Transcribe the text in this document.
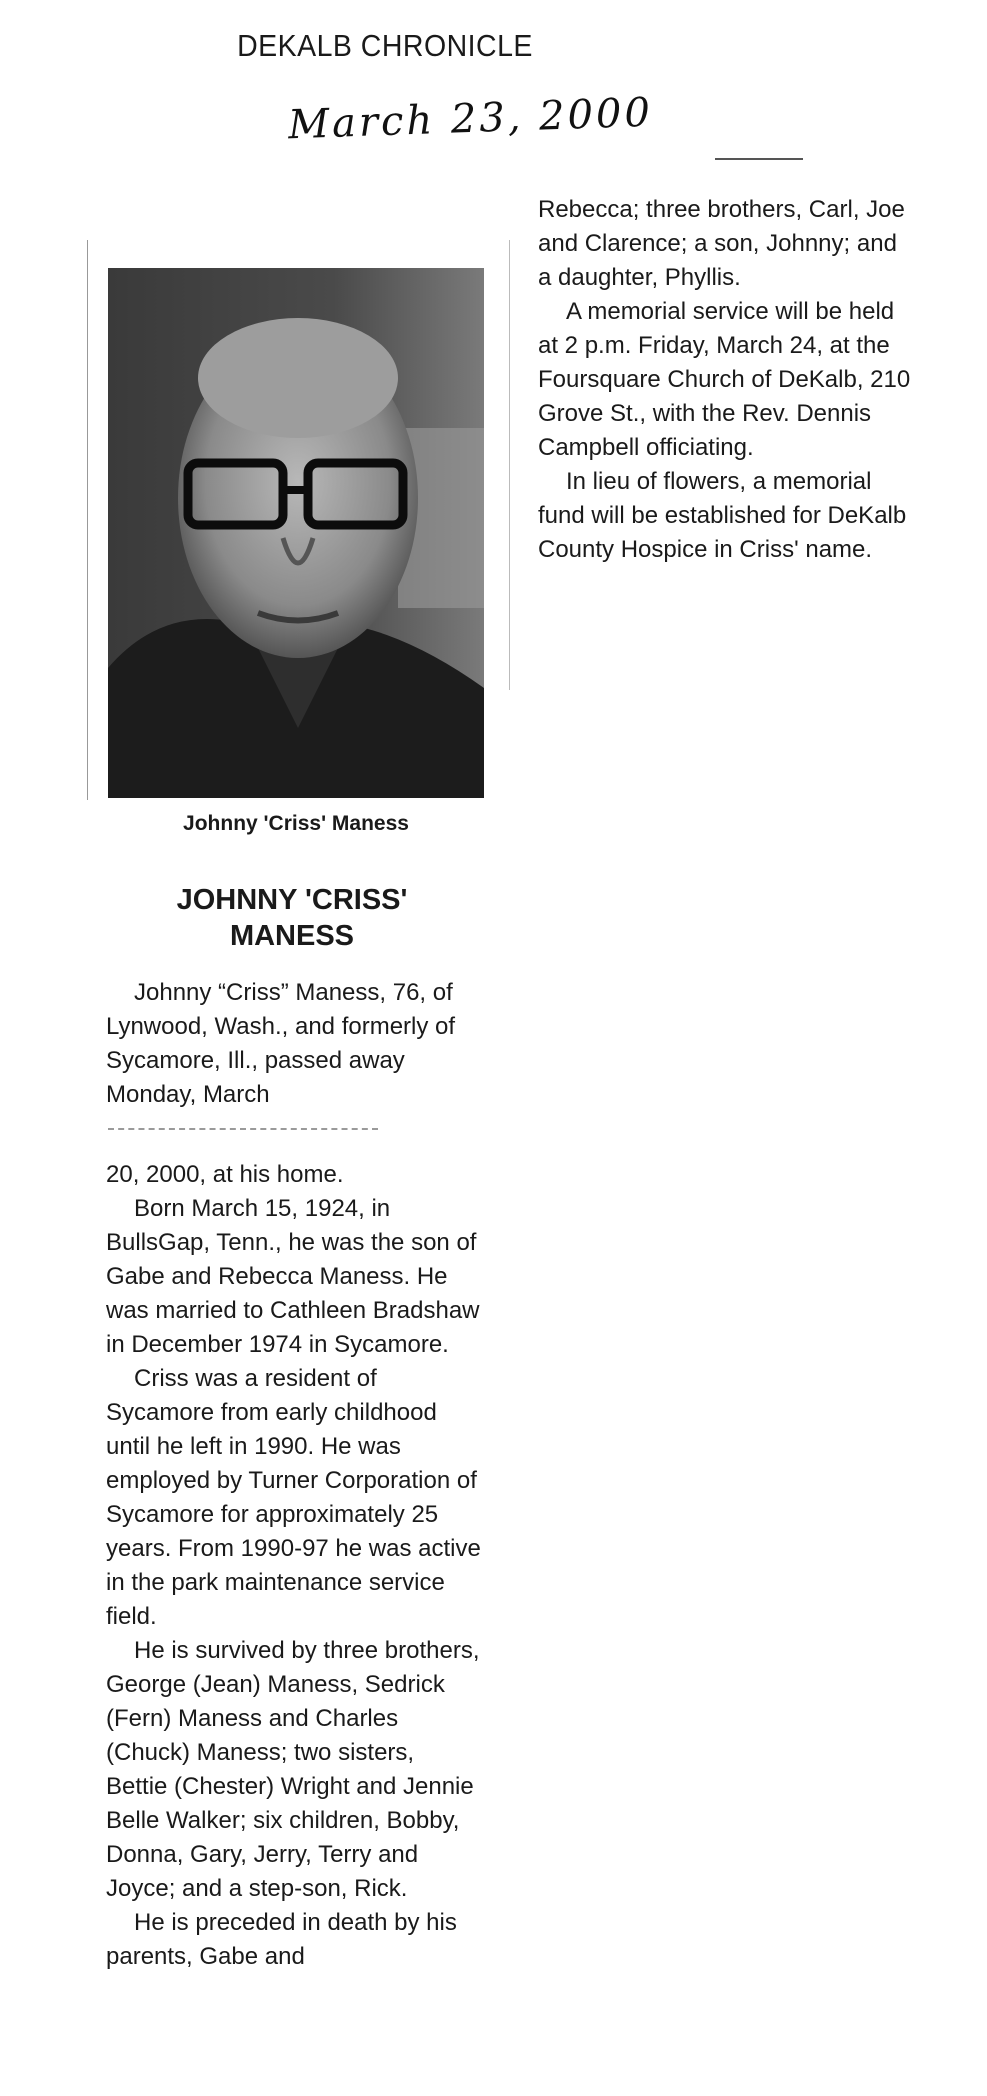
DEKALB CHRONICLE
March 23, 2000
Johnny 'Criss' Maness
JOHNNY 'CRISS'
MANESS

Johnny “Criss” Maness, 76, of Lynwood, Wash., and formerly of Sycamore, Ill., passed away Monday, March

20, 2000, at his home.

Born March 15, 1924, in BullsGap, Tenn., he was the son of Gabe and Rebecca Maness. He was married to Cathleen Bradshaw in December 1974 in Sycamore.

Criss was a resident of Sycamore from early childhood until he left in 1990. He was employed by Turner Corporation of Sycamore for approximately 25 years. From 1990-97 he was active in the park maintenance service field.

He is survived by three brothers, George (Jean) Maness, Sedrick (Fern) Maness and Charles (Chuck) Maness; two sisters, Bettie (Chester) Wright and Jennie Belle Walker; six children, Bobby, Donna, Gary, Jerry, Terry and Joyce; and a step-son, Rick.

He is preceded in death by his parents, Gabe and

Rebecca; three brothers, Carl, Joe and Clarence; a son, Johnny; and a daughter, Phyllis.

A memorial service will be held at 2 p.m. Friday, March 24, at the Foursquare Church of DeKalb, 210 Grove St., with the Rev. Dennis Campbell officiating.

In lieu of flowers, a memorial fund will be established for DeKalb County Hospice in Criss' name.
